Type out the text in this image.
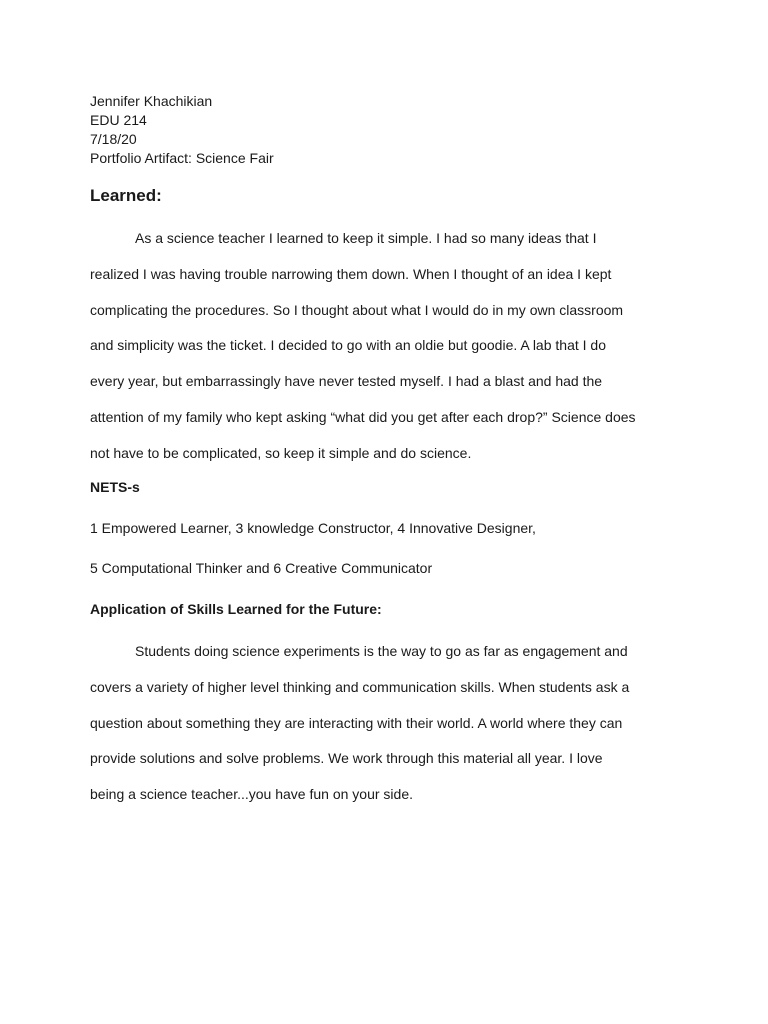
Jennifer Khachikian
EDU 214
7/18/20
Portfolio Artifact: Science Fair
Learned:
As a science teacher I learned to keep it simple. I had so many ideas that I
realized I was having trouble narrowing them down. When I thought of an idea I kept
complicating the procedures. So I thought about what I would do in my own classroom
and simplicity was the ticket. I decided to go with an oldie but goodie. A lab that I do
every year, but embarrassingly have never tested myself. I had a blast and had the
attention of my family who kept asking “what did you get after each drop?” Science does
not have to be complicated, so keep it simple and do science.
NETS-s

1 Empowered Learner, 3 knowledge Constructor, 4 Innovative Designer,

5 Computational Thinker and 6 Creative Communicator

Application of Skills Learned for the Future:
Students doing science experiments is the way to go as far as engagement and
covers a variety of higher level thinking and communication skills. When students ask a
question about something they are interacting with their world. A world where they can
provide solutions and solve problems. We work through this material all year. I love
being a science teacher...you have fun on your side.
